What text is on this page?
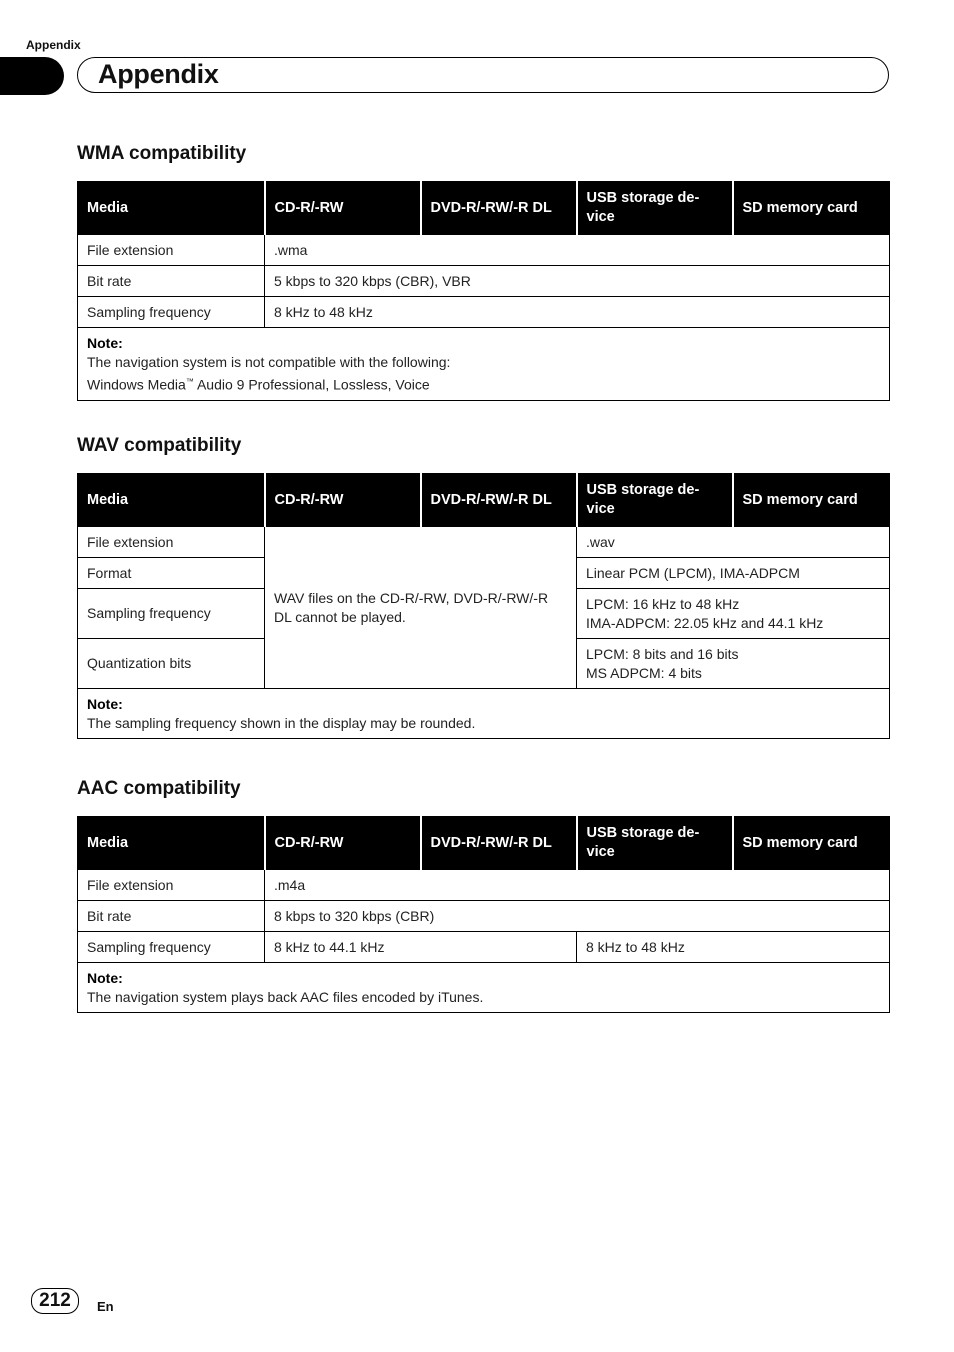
Appendix
Appendix
WMA compatibility
Media	CD-R/-RW	DVD-R/-RW/-R DL	USB storage de-vice	SD memory card
File extension	.wma			
Bit rate	5 kbps to 320 kbps (CBR), VBR			
Sampling frequency	8 kHz to 48 kHz			

Note:
The navigation system is not compatible with the following:
Windows Media™ Audio 9 Professional, Lossless, Voice				
WAV compatibility
Media	CD-R/-RW	DVD-R/-RW/-R DL	USB storage de-vice	SD memory card
File extension	WAV files on the CD-R/-RW, DVD-R/-RW/-R DL cannot be played.		.wav	
Format			Linear PCM (LPCM), IMA-ADPCM	
Sampling frequency			LPCM: 16 kHz to 48 kHz
IMA-ADPCM: 22.05 kHz and 44.1 kHz	

Quantization bits			LPCM: 8 bits and 16 bits
MS ADPCM: 4 bits	

Note:
The sampling frequency shown in the display may be rounded.				
AAC compatibility
Media	CD-R/-RW	DVD-R/-RW/-R DL	USB storage de-vice	SD memory card
File extension	.m4a			
Bit rate	8 kbps to 320 kbps (CBR)			
Sampling frequency	8 kHz to 44.1 kHz		8 kHz to 48 kHz	

Note:
The navigation system plays back AAC files encoded by iTunes.				
212	En
